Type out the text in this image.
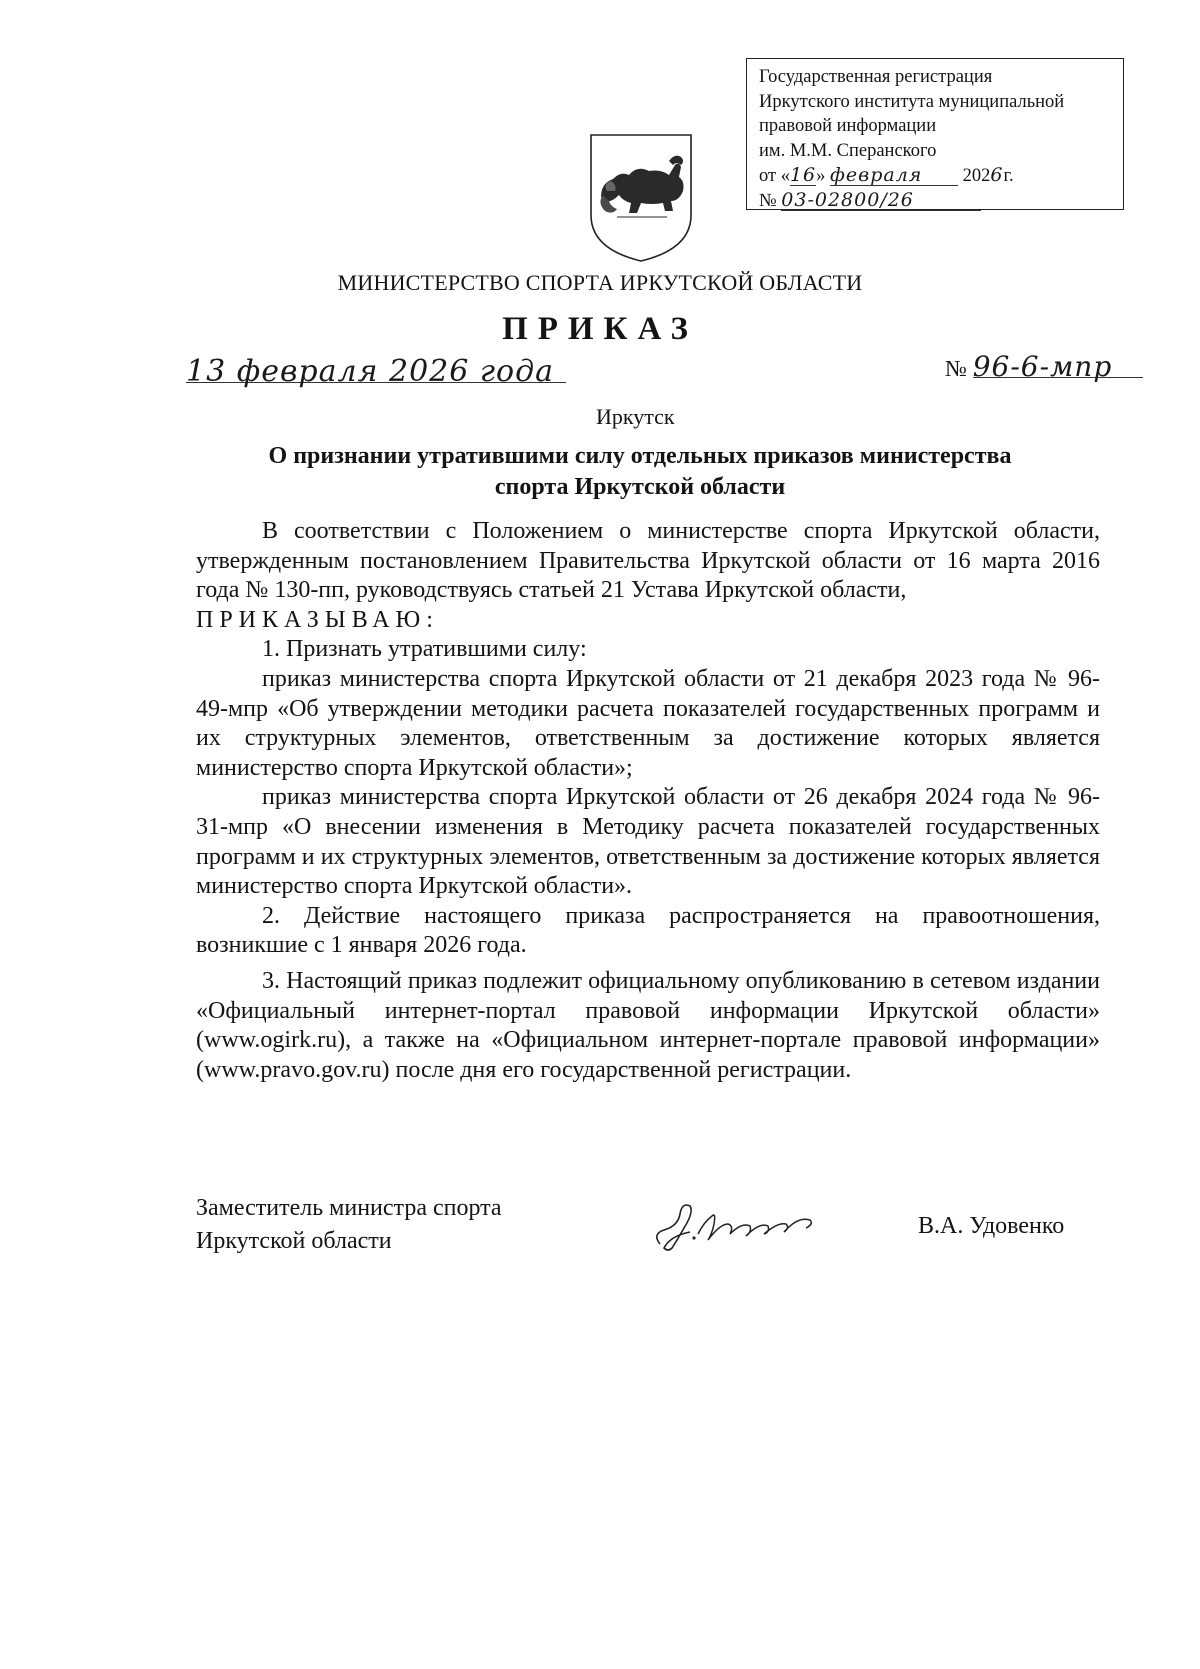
Государственная регистрация
Иркутского института муниципальной
правовой информации
им. М.М. Сперанского
от «16» февраля 2026г.
№ 03-02800/26
МИНИСТЕРСТВО СПОРТА ИРКУТСКОЙ ОБЛАСТИ
ПРИКАЗ
13 февраля 2026 года	№ 96-6-мпр
Иркутск
О признании утратившими силу отдельных приказов министерства
спорта Иркутской области

В соответствии с Положением о министерстве спорта Иркутской области, утвержденным постановлением Правительства Иркутской области от 16 марта 2016 года № 130-пп, руководствуясь статьей 21 Устава Иркутской области,

ПРИКАЗЫВАЮ:

1. Признать утратившими силу:

приказ министерства спорта Иркутской области от 21 декабря 2023 года № 96-49-мпр «Об утверждении методики расчета показателей государственных программ и их структурных элементов, ответственным за достижение которых является министерство спорта Иркутской области»;

приказ министерства спорта Иркутской области от 26 декабря 2024 года № 96-31-мпр «О внесении изменения в Методику расчета показателей государственных программ и их структурных элементов, ответственным за достижение которых является министерство спорта Иркутской области».

2. Действие настоящего приказа распространяется на правоотношения, возникшие с 1 января 2026 года.

3. Настоящий приказ подлежит официальному опубликованию в сетевом издании «Официальный интернет-портал правовой информации Иркутской области» (www.ogirk.ru), а также на «Официальном интернет-портале правовой информации» (www.pravo.gov.ru) после дня его государственной регистрации.

Заместитель министра спорта
Иркутской области
В.А. Удовенко
